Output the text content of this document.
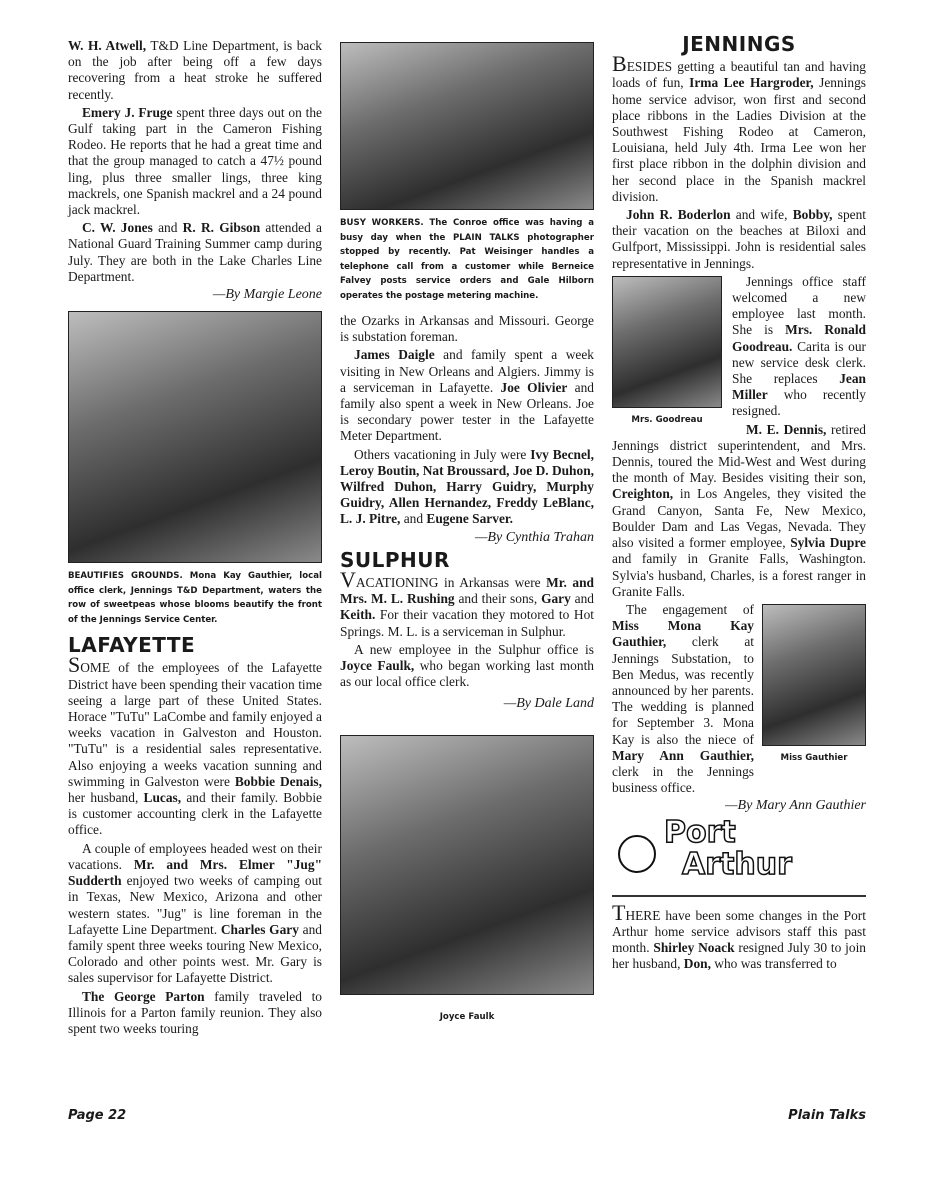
W. H. Atwell, T&D Line Department, is back on the job after being off a few days recovering from a heat stroke he suffered recently.

Emery J. Fruge spent three days out on the Gulf taking part in the Cameron Fishing Rodeo. He reports that he had a great time and that the group managed to catch a 47½ pound ling, plus three smaller lings, three king mackrels, one Spanish mackrel and a 24 pound jack mackrel.

C. W. Jones and R. R. Gibson attended a National Guard Training Summer camp during July. They are both in the Lake Charles Line Department.

—By Margie Leone
BEAUTIFIES GROUNDS. Mona Kay Gauthier, local office clerk, Jennings T&D Department, waters the row of sweetpeas whose blooms beautify the front of the Jennings Service Center.
LAFAYETTE

SOME of the employees of the Lafayette District have been spending their vacation time seeing a large part of these United States. Horace "TuTu" LaCombe and family enjoyed a weeks vacation in Galveston and Houston. "TuTu" is a residential sales representative. Also enjoying a weeks vacation sunning and swimming in Galveston were Bobbie Denais, her husband, Lucas, and their family. Bobbie is customer accounting clerk in the Lafayette office.

A couple of employees headed west on their vacations. Mr. and Mrs. Elmer "Jug" Sudderth enjoyed two weeks of camping out in Texas, New Mexico, Arizona and other western states. "Jug" is line foreman in the Lafayette Line Department. Charles Gary and family spent three weeks touring New Mexico, Colorado and other points west. Mr. Gary is sales supervisor for Lafayette District.

The George Parton family traveled to Illinois for a Parton family reunion. They also spent two weeks touring

BUSY WORKERS. The Conroe office was having a busy day when the PLAIN TALKS photographer stopped by recently. Pat Weisinger handles a telephone call from a customer while Berneice Falvey posts service orders and Gale Hilborn operates the postage metering machine.

the Ozarks in Arkansas and Missouri. George is substation foreman.

James Daigle and family spent a week visiting in New Orleans and Algiers. Jimmy is a serviceman in Lafayette. Joe Olivier and family also spent a week in New Orleans. Joe is secondary power tester in the Lafayette Meter Department.

Others vacationing in July were Ivy Becnel, Leroy Boutin, Nat Broussard, Joe D. Duhon, Wilfred Duhon, Harry Guidry, Murphy Guidry, Allen Hernandez, Freddy LeBlanc, L. J. Pitre, and Eugene Sarver.

—By Cynthia Trahan
SULPHUR

VACATIONING in Arkansas were Mr. and Mrs. M. L. Rushing and their sons, Gary and Keith. For their vacation they motored to Hot Springs. M. L. is a serviceman in Sulphur.

A new employee in the Sulphur office is Joyce Faulk, who began working last month as our local office clerk.

—By Dale Land
Joyce Faulk
JENNINGS

BESIDES getting a beautiful tan and having loads of fun, Irma Lee Hargroder, Jennings home service advisor, won first and second place ribbons in the Ladies Division at the Southwest Fishing Rodeo at Cameron, Louisiana, held July 4th. Irma Lee won her first place ribbon in the dolphin division and her second place in the Spanish mackrel division.

John R. Boderlon and wife, Bobby, spent their vacation on the beaches at Biloxi and Gulfport, Mississippi. John is residential sales representative in Jennings.

Mrs. Goodreau

Jennings office staff welcomed a new employee last month. She is Mrs. Ronald Goodreau. Carita is our new service desk clerk. She replaces Jean Miller who recently resigned.

M. E. Dennis, retired Jennings district superintendent, and Mrs. Dennis, toured the Mid-West and West during the month of May. Besides visiting their son, Creighton, in Los Angeles, they visited the Grand Canyon, Santa Fe, New Mexico, Boulder Dam and Las Vegas, Nevada. They also visited a former employee, Sylvia Dupre and family in Granite Falls, Washington. Sylvia's husband, Charles, is a forest ranger in Granite Falls.

Miss Gauthier

The engagement of Miss Mona Kay Gauthier, clerk at Jennings Substation, to Ben Medus, was recently announced by her parents. The wedding is planned for September 3. Mona Kay is also the niece of Mary Ann Gauthier, clerk in the Jennings business office.

—By Mary Ann Gauthier
Port
Arthur

THERE have been some changes in the Port Arthur home service advisors staff this past month. Shirley Noack resigned July 30 to join her husband, Don, who was transferred to

Page 22	Plain Talks
